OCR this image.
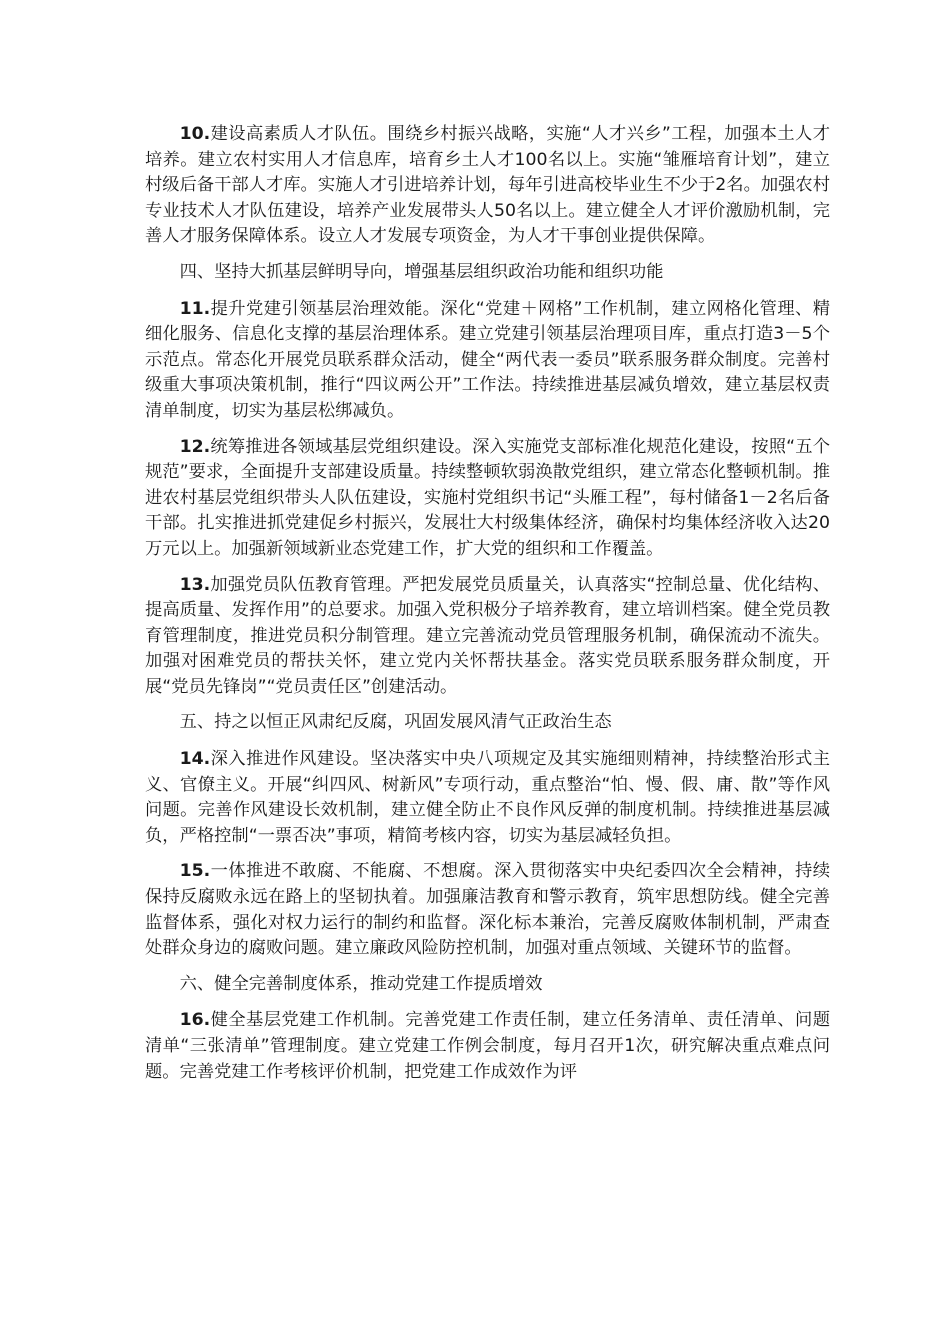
10.建设高素质人才队伍。围绕乡村振兴战略，实施“人才兴乡”工程，加强本土人才培养。建立农村实用人才信息库，培育乡土人才100名以上。实施“雏雁培育计划”，建立村级后备干部人才库。实施人才引进培养计划，每年引进高校毕业生不少于2名。加强农村专业技术人才队伍建设，培养产业发展带头人50名以上。建立健全人才评价激励机制，完善人才服务保障体系。设立人才发展专项资金，为人才干事创业提供保障。

四、坚持大抓基层鲜明导向，增强基层组织政治功能和组织功能

11.提升党建引领基层治理效能。深化“党建＋网格”工作机制，建立网格化管理、精细化服务、信息化支撑的基层治理体系。建立党建引领基层治理项目库，重点打造3－5个示范点。常态化开展党员联系群众活动，健全“两代表一委员”联系服务群众制度。完善村级重大事项决策机制，推行“四议两公开”工作法。持续推进基层减负增效，建立基层权责清单制度，切实为基层松绑减负。

12.统筹推进各领域基层党组织建设。深入实施党支部标准化规范化建设，按照“五个规范”要求，全面提升支部建设质量。持续整顿软弱涣散党组织，建立常态化整顿机制。推进农村基层党组织带头人队伍建设，实施村党组织书记“头雁工程”，每村储备1－2名后备干部。扎实推进抓党建促乡村振兴，发展壮大村级集体经济，确保村均集体经济收入达20万元以上。加强新领域新业态党建工作，扩大党的组织和工作覆盖。

13.加强党员队伍教育管理。严把发展党员质量关，认真落实“控制总量、优化结构、提高质量、发挥作用”的总要求。加强入党积极分子培养教育，建立培训档案。健全党员教育管理制度，推进党员积分制管理。建立完善流动党员管理服务机制，确保流动不流失。加强对困难党员的帮扶关怀，建立党内关怀帮扶基金。落实党员联系服务群众制度，开展“党员先锋岗”“党员责任区”创建活动。

五、持之以恒正风肃纪反腐，巩固发展风清气正政治生态

14.深入推进作风建设。坚决落实中央八项规定及其实施细则精神，持续整治形式主义、官僚主义。开展“纠四风、树新风”专项行动，重点整治“怕、慢、假、庸、散”等作风问题。完善作风建设长效机制，建立健全防止不良作风反弹的制度机制。持续推进基层减负，严格控制“一票否决”事项，精简考核内容，切实为基层减轻负担。

15.一体推进不敢腐、不能腐、不想腐。深入贯彻落实中央纪委四次全会精神，持续保持反腐败永远在路上的坚韧执着。加强廉洁教育和警示教育，筑牢思想防线。健全完善监督体系，强化对权力运行的制约和监督。深化标本兼治，完善反腐败体制机制，严肃查处群众身边的腐败问题。建立廉政风险防控机制，加强对重点领域、关键环节的监督。

六、健全完善制度体系，推动党建工作提质增效

16.健全基层党建工作机制。完善党建工作责任制，建立任务清单、责任清单、问题清单“三张清单”管理制度。建立党建工作例会制度，每月召开1次，研究解决重点难点问题。完善党建工作考核评价机制，把党建工作成效作为评
